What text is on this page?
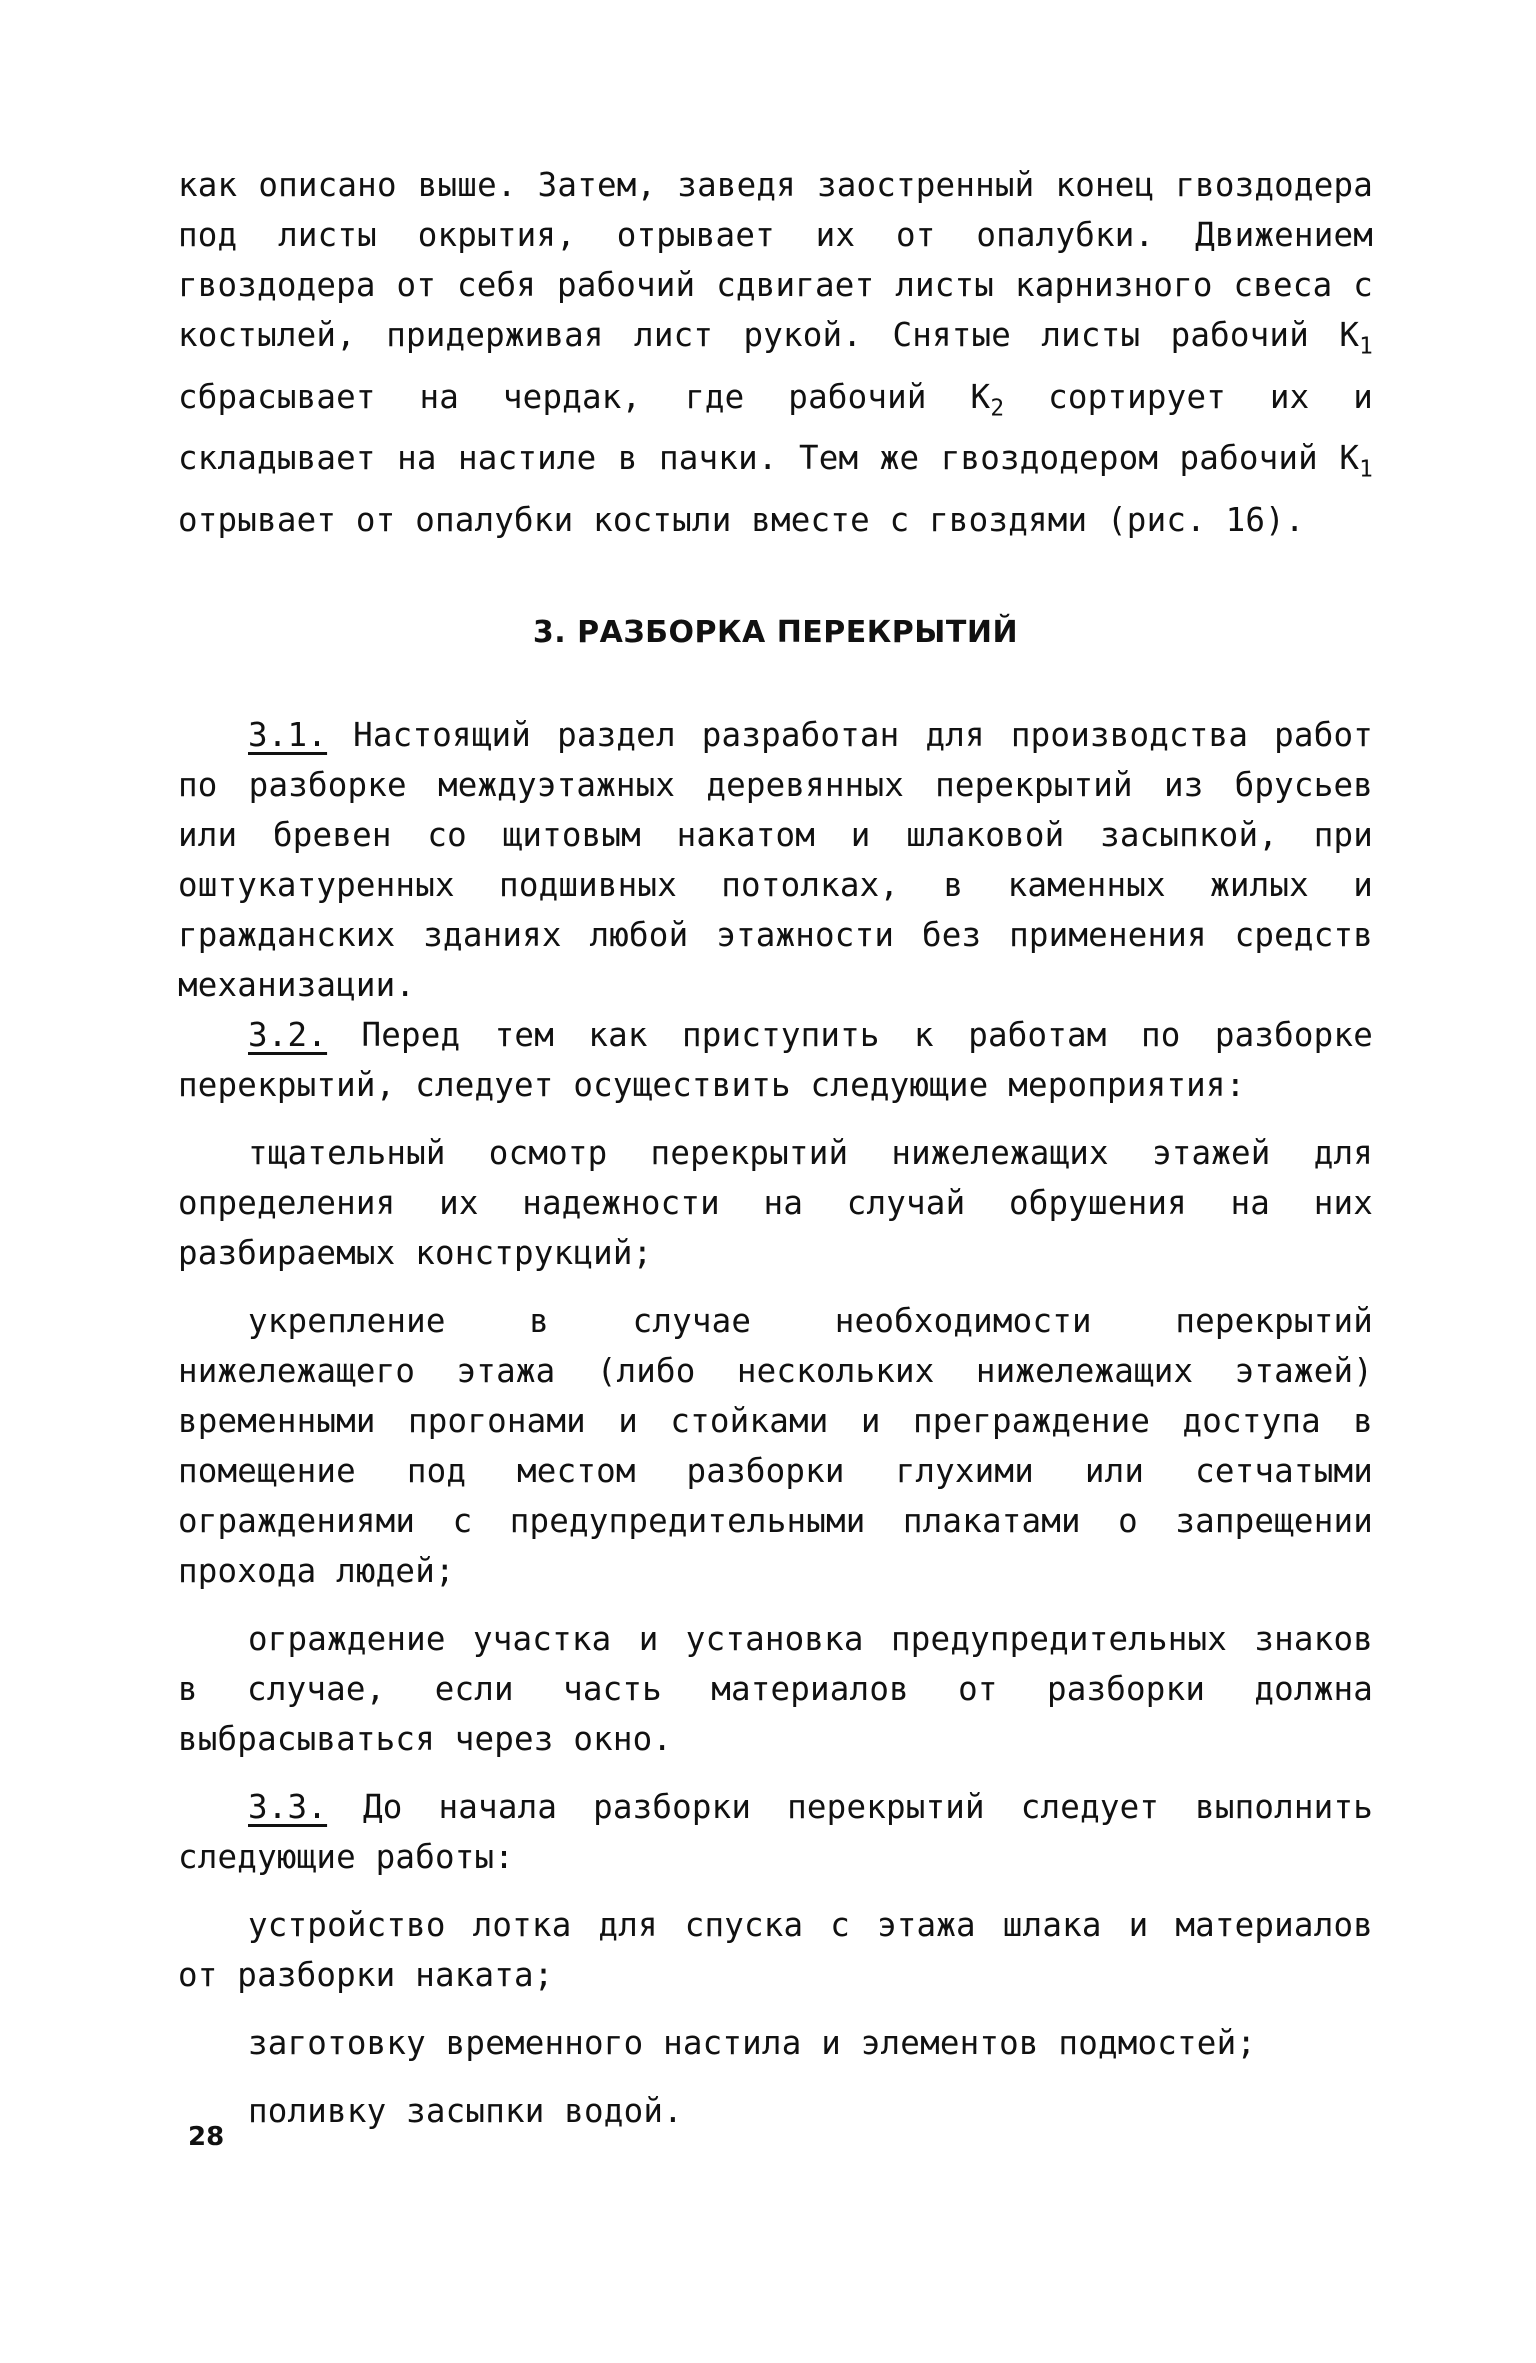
как описано выше. Затем, заведя заостренный конец гвоздодера под листы окрытия, отрывает их от опалубки. Движением гвоздодера от себя рабочий сдвигает листы карнизного свеса с костылей, придерживая лист рукой. Снятые листы рабочий $К_1$ сбрасывает на чердак, где рабочий $К_2$ сортирует их и складывает на настиле в пачки. Тем же гвоздодером рабочий $К_1$ отрывает от опалубки костыли вместе с гвоздями (рис. 16).

3. РАЗБОРКА ПЕРЕКРЫТИЙ

3.1. Настоящий раздел разработан для производства работ по разборке междуэтажных деревянных перекрытий из брусьев или бревен со щитовым накатом и шлаковой засыпкой, при оштукатуренных подшивных потолках, в каменных жилых и гражданских зданиях любой этажности без применения средств механизации.

3.2. Перед тем как приступить к работам по разборке перекрытий, следует осуществить следующие мероприятия:

тщательный осмотр перекрытий нижележащих этажей для определения их надежности на случай обрушения на них разбираемых конструкций;

укрепление в случае необходимости перекрытий нижележащего этажа (либо нескольких нижележащих этажей) временными прогонами и стойками и преграждение доступа в помещение под местом разборки глухими или сетчатыми ограждениями с предупредительными плакатами о запрещении прохода людей;

ограждение участка и установка предупредительных знаков в случае, если часть материалов от разборки должна выбрасываться через окно.

3.3. До начала разборки перекрытий следует выполнить следующие работы:

устройство лотка для спуска с этажа шлака и материалов от разборки наката;

заготовку временного настила и элементов подмостей;

поливку засыпки водой.

28
